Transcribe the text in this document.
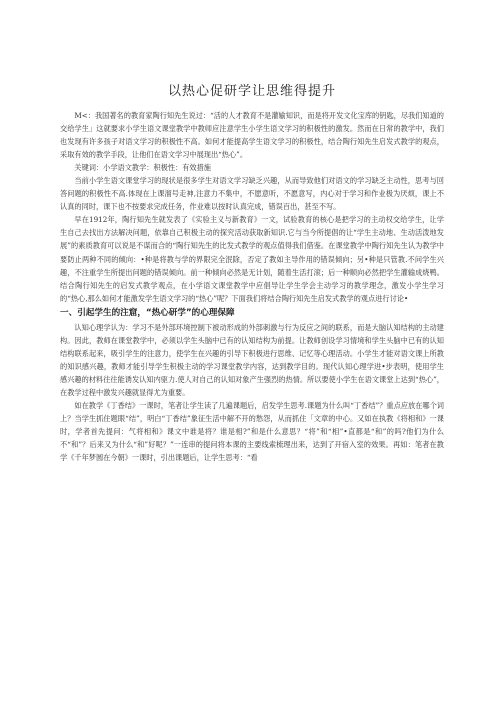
以热心促研学让思维得提升

M<：我国著名的教育家陶行知先生说过：“活的人才教育不是灌输知识，而是将开发文化宝库的钥匙，尽我们知道的交给学生」这就要求小学生语文课堂教学中教师应注意学生小学生语文学习的积极性的激发。然而在日常的教学中，我们也发现有许多孩子对语文学习的积极性不高。如何才能提高学生语文学习的积极性，结合陶行知先生启发式教学的观点，采取有效的教学手段，让他们在语文学习中展现出“热心”。

关键词：小学语文教学：积极性：有效措施

当前小学生语文课堂学习的现状是很多学生对语文学习缺乏兴趣，从而导致他们对语文的学习缺乏主动性，思考与回答问题的积极性不高.体现在上课溜号走神,注意力不集中，不愿意听，不愿意写，内心对于学习和作业极为厌烦，课上不认真的同时，课下也不按要求完成任务，作业难以按时认真完成，错误百出，甚至不写。

早在1912年，陶行知先生就发表了《实验主义与新教育》一文，试验教育的核心是把学习的主动权交给学生，让学生自己去找出方法解决问题，依靠自己积极主动的探究活动获取新知识.它与当今所提倡的让“学生主动地、生动活泼地发展”的素质教育可以说是不谋而合的“陶行知先生的比发式教学的观点值得我们借鉴。在课堂教学中陶行知先生认为教学中要防止两种不同的倾向：•种是将教与学的界限完全泯除，否定了教如主导作用的错误倾向；另•种是只管教.不问学生兴趣，不注重学生所提出问题的错误倾向。前一种倾向必然是无计划，随着生活打滚；后一种顺向必然把学生灌输成烧鸭。结合陶行知先生的启发式教学观点，在小学语文课堂教学中应倡导让学生学会主动学习的教学理念，激发小学生学习的“热心,那么如何才能激发学生语文学习的“热心”呢？下面我们将结合陶行知先生启发式教学的观点进行讨论•

一、引起学生的注窟，“热心研学”的心理保障

认知心理学认为：学习不是外部环境控制下被动形成的外部刺激与行为反应之间的联系，而是大脑认知结构的主动建构。因此，教师在课堂教学中，必须以学生头脑中已有的认知结构为前提。让教师创设学习情境和学生头脑中已有的认知结构联系起来，吸引学生的注意力，使学生在兴趣的引导下积极进行思维、记忆等心理活动。小学生才能对语文课上所教的知识感兴趣，教师才能引导学生积极主动的学习课堂教学内容，达到教学目的。现代认知心理学进•步表明，使用学生感兴趣的材料往往能诱发认知内驱力.使人对自己的认知对象产生强烈的热情。所以要使小学生在语文课堂上达到“热心”，在教学过程中激发兴趣就显得尤为重要。

如在教学《丁香结》一课时，笔者让学生读了几遍课题后，启发学生思考.课题为什么叫“丁香结”？重点应放在哪个词上？当学生抓住题眼“结”，明白“丁香结”象征生活中解不开的愁怨，从而抓住「文章的中心。又如在执教《将相和》一课时，学者首先提问：气将相和》课文中谁是将？谁是相?”和是什么意思？“将”和“相”•直都是“和”的吗?他们为什么不“和”？后来又为什么“和”好呢？”一连串的提问将本课的主要线索梳理出来，达到了开宿入室的效果。再如：笔者在教学《千年梦圆在今朝》一课时，引出课题后，让学生思考：“看
